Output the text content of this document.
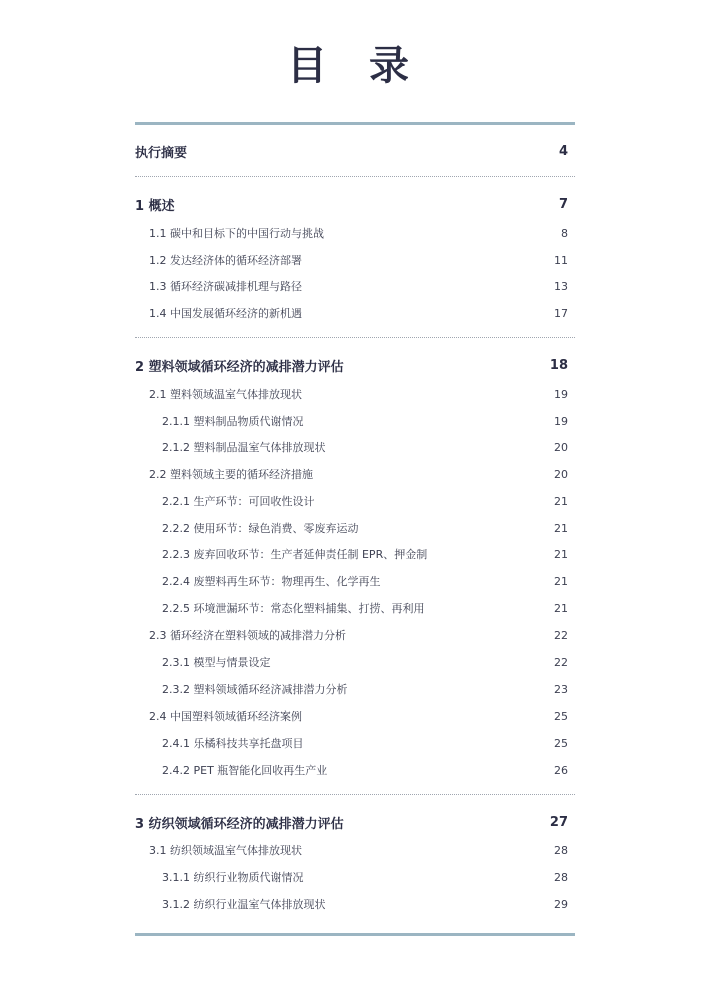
目 录
执行摘要	4
1 概述	7
1.1 碳中和目标下的中国行动与挑战	8
1.2 发达经济体的循环经济部署	11
1.3 循环经济碳减排机理与路径	13
1.4 中国发展循环经济的新机遇	17
2 塑料领域循环经济的减排潜力评估	18
2.1 塑料领域温室气体排放现状	19
2.1.1 塑料制品物质代谢情况	19
2.1.2 塑料制品温室气体排放现状	20
2.2 塑料领域主要的循环经济措施	20
2.2.1 生产环节：可回收性设计	21
2.2.2 使用环节：绿色消费、零废弃运动	21
2.2.3 废弃回收环节：生产者延伸责任制 EPR、押金制	21
2.2.4 废塑料再生环节：物理再生、化学再生	21
2.2.5 环境泄漏环节：常态化塑料捕集、打捞、再利用	21
2.3 循环经济在塑料领域的减排潜力分析	22
2.3.1 模型与情景设定	22
2.3.2 塑料领域循环经济减排潜力分析	23
2.4 中国塑料领域循环经济案例	25
2.4.1 乐橘科技共享托盘项目	25
2.4.2 PET 瓶智能化回收再生产业	26
3 纺织领域循环经济的减排潜力评估	27
3.1 纺织领域温室气体排放现状	28
3.1.1 纺织行业物质代谢情况	28
3.1.2 纺织行业温室气体排放现状	29
